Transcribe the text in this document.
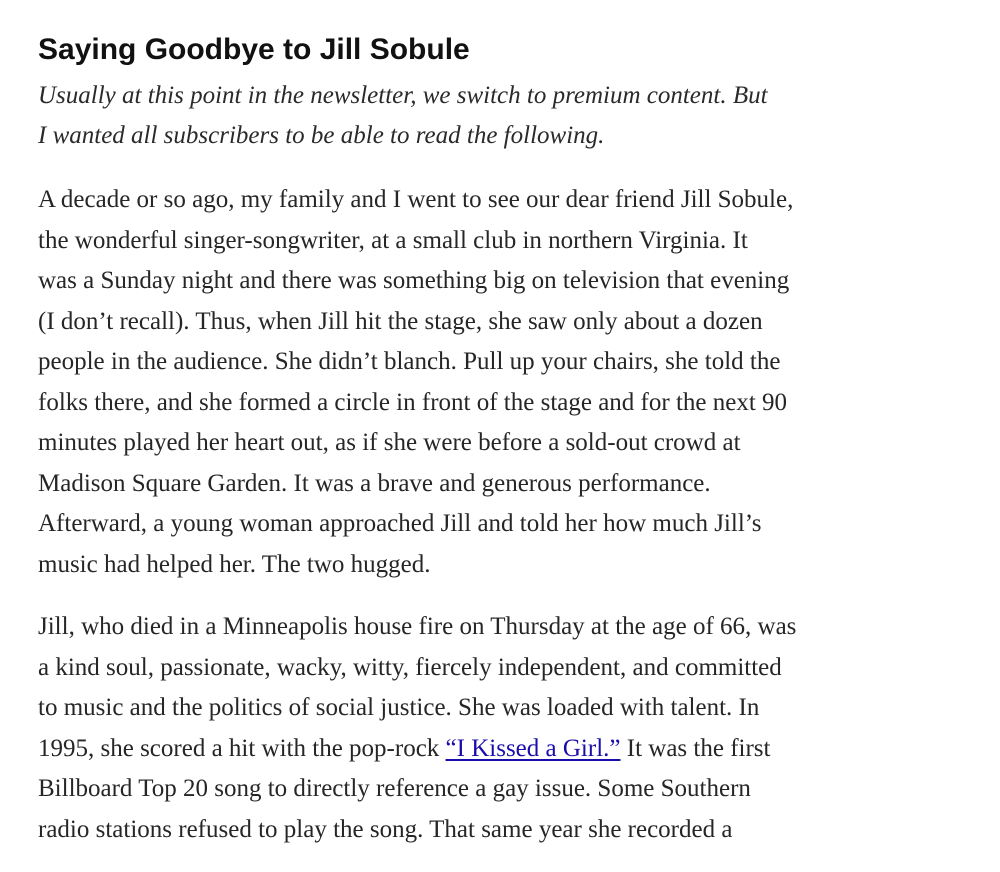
Saying Goodbye to Jill Sobule

Usually at this point in the newsletter, we switch to premium content. But
I wanted all subscribers to be able to read the following.

A decade or so ago, my family and I went to see our dear friend Jill Sobule,
the wonderful singer-songwriter, at a small club in northern Virginia. It
was a Sunday night and there was something big on television that evening
(I don’t recall). Thus, when Jill hit the stage, she saw only about a dozen
people in the audience. She didn’t blanch. Pull up your chairs, she told the
folks there, and she formed a circle in front of the stage and for the next 90
minutes played her heart out, as if she were before a sold-out crowd at
Madison Square Garden. It was a brave and generous performance.
Afterward, a young woman approached Jill and told her how much Jill’s
music had helped her. The two hugged.

Jill, who died in a Minneapolis house fire on Thursday at the age of 66, was
a kind soul, passionate, wacky, witty, fiercely independent, and committed
to music and the politics of social justice. She was loaded with talent. In
1995, she scored a hit with the pop-rock “I Kissed a Girl.” It was the first
Billboard Top 20 song to directly reference a gay issue. Some Southern
radio stations refused to play the song. That same year she recorded a
